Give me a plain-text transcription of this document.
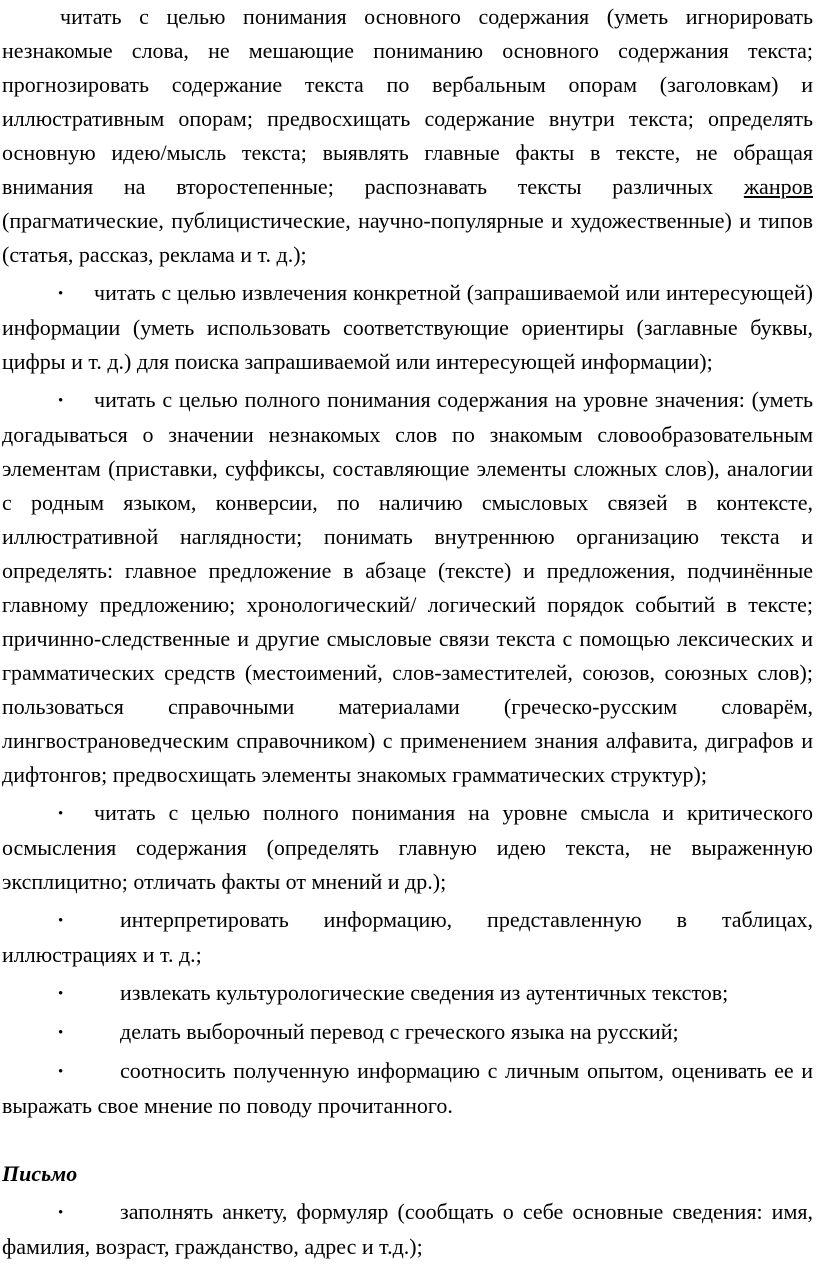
читать с целью понимания основного содержания (уметь игнорировать незнакомые слова, не мешающие пониманию основного содержания текста; прогнозировать содержание текста по вербальным опорам (заголовкам) и иллюстративным опорам; предвосхищать содержание внутри текста; определять основную идею/мысль текста; выявлять главные факты в тексте, не обращая внимания на второстепенные; распознавать тексты различных жанров (прагматические, публицистические, научно-популярные и художественные) и типов (статья, рассказ, реклама и т. д.);

• читать с целью извлечения конкретной (запрашиваемой или интересующей) информации (уметь использовать соответствующие ориентиры (заглавные буквы, цифры и т. д.) для поиска запрашиваемой или интересующей информации);

• читать с целью полного понимания содержания на уровне значения: (уметь догадываться о значении незнакомых слов по знакомым словообразовательным элементам (приставки, суффиксы, составляющие элементы сложных слов), аналогии с родным языком, конверсии, по наличию смысловых связей в контексте, иллюстративной наглядности; понимать внутреннюю организацию текста и определять: главное предложение в абзаце (тексте) и предложения, подчинённые главному предложению; хронологический/ логический порядок событий в тексте; причинно-следственные и другие смысловые связи текста с помощью лексических и грамматических средств (местоимений, слов-заместителей, союзов, союзных слов); пользоваться справочными материалами (греческо-русским словарём, лингвострановедческим справочником) с применением знания алфавита, диграфов и дифтонгов; предвосхищать элементы знакомых грамматических структур);

• читать с целью полного понимания на уровне смысла и критического осмысления содержания (определять главную идею текста, не выраженную эксплицитно; отличать факты от мнений и др.);

•	интерпретировать информацию, представленную в таблицах, иллюстрациях и т. д.;

•	извлекать культурологические сведения из аутентичных текстов;

•	делать выборочный перевод с греческого языка на русский;

•	соотносить полученную информацию с личным опытом, оценивать ее и выражать свое мнение по поводу прочитанного.

Письмо

•	заполнять анкету, формуляр (сообщать о себе основные сведения: имя, фамилия, возраст, гражданство, адрес и т.д.);
